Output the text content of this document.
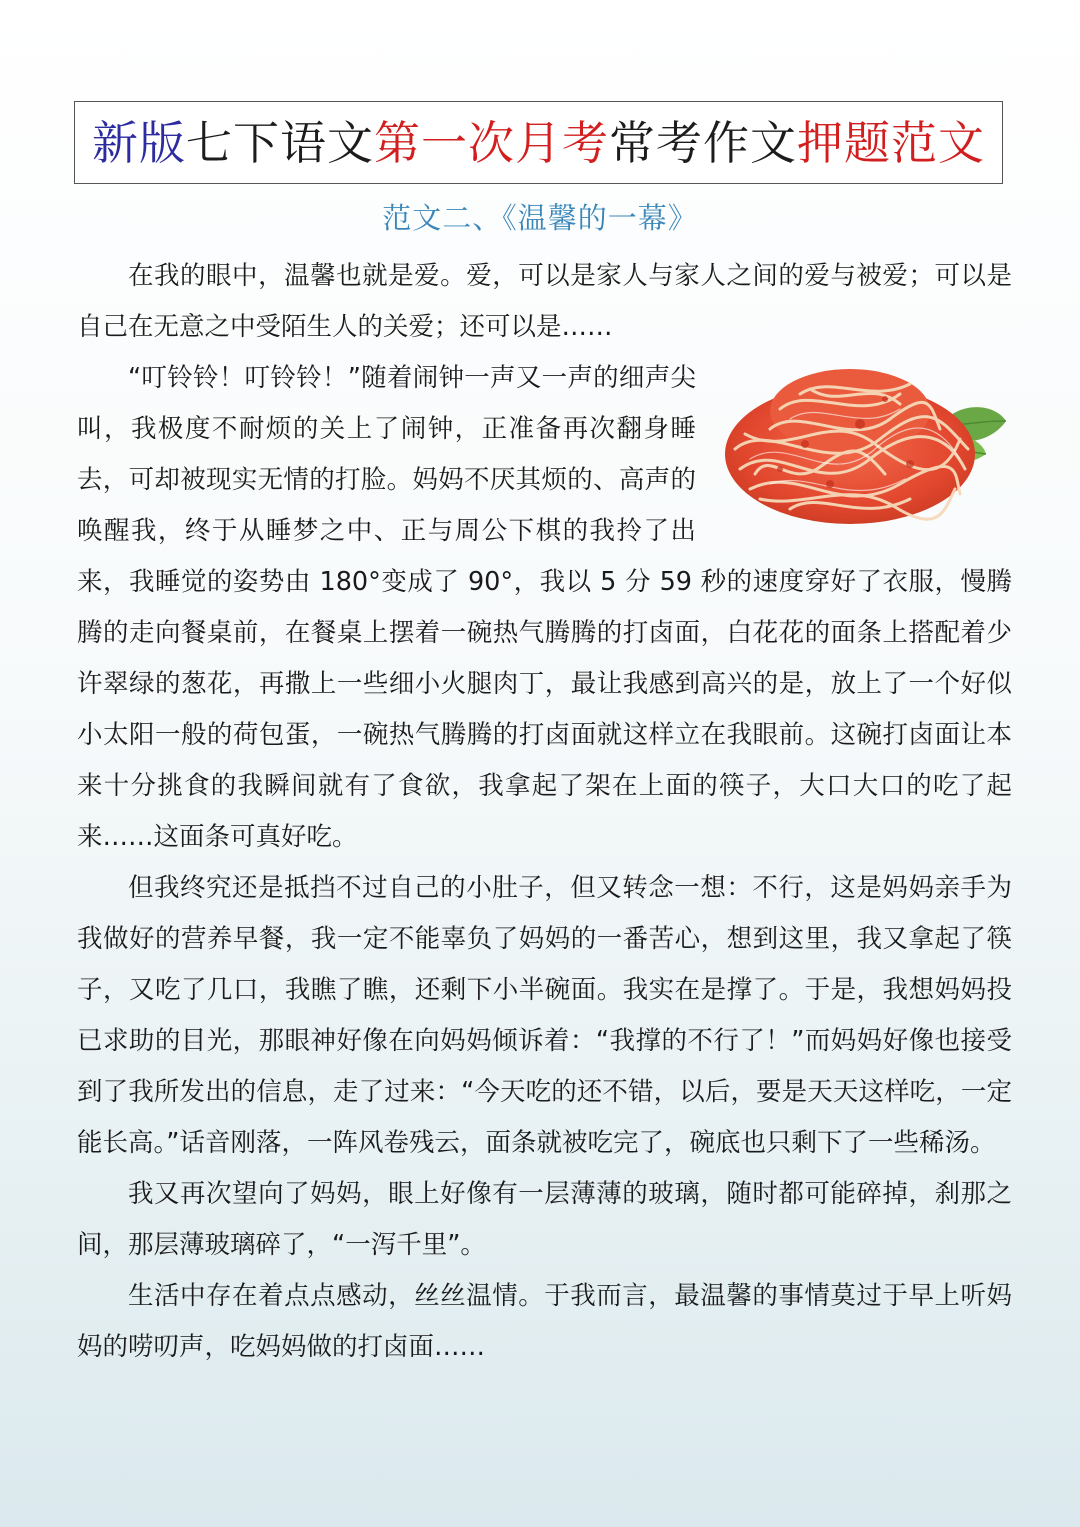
新版 七下语文 第一次月考 常考作文 押题范文
范文二、《温馨的一幕》

在我的眼中，温馨也就是爱。爱，可以是家人与家人之间的爱与被爱；可以是自己在无意之中受陌生人的关爱；还可以是……

“叮铃铃！叮铃铃！”随着闹钟一声又一声的细声尖叫，我极度不耐烦的关上了闹钟，正准备再次翻身睡去，可却被现实无情的打脸。妈妈不厌其烦的、高声的唤醒我，终于从睡梦之中、正与周公下棋的我拎了出来，我睡觉的姿势由 180°变成了 90°，我以 5 分 59 秒的速度穿好了衣服，慢腾腾的走向餐桌前，在餐桌上摆着一碗热气腾腾的打卤面，白花花的面条上搭配着少许翠绿的葱花，再撒上一些细小火腿肉丁，最让我感到高兴的是，放上了一个好似小太阳一般的荷包蛋，一碗热气腾腾的打卤面就这样立在我眼前。这碗打卤面让本来十分挑食的我瞬间就有了食欲，我拿起了架在上面的筷子，大口大口的吃了起来……这面条可真好吃。

但我终究还是抵挡不过自己的小肚子，但又转念一想：不行，这是妈妈亲手为我做好的营养早餐，我一定不能辜负了妈妈的一番苦心，想到这里，我又拿起了筷子，又吃了几口，我瞧了瞧，还剩下小半碗面。我实在是撑了。于是，我想妈妈投已求助的目光，那眼神好像在向妈妈倾诉着：“我撑的不行了！”而妈妈好像也接受到了我所发出的信息，走了过来：“今天吃的还不错，以后，要是天天这样吃，一定能长高。”话音刚落，一阵风卷残云，面条就被吃完了，碗底也只剩下了一些稀汤。

我又再次望向了妈妈，眼上好像有一层薄薄的玻璃，随时都可能碎掉，刹那之间，那层薄玻璃碎了，“一泻千里”。

生活中存在着点点感动，丝丝温情。于我而言，最温馨的事情莫过于早上听妈妈的唠叨声，吃妈妈做的打卤面……
